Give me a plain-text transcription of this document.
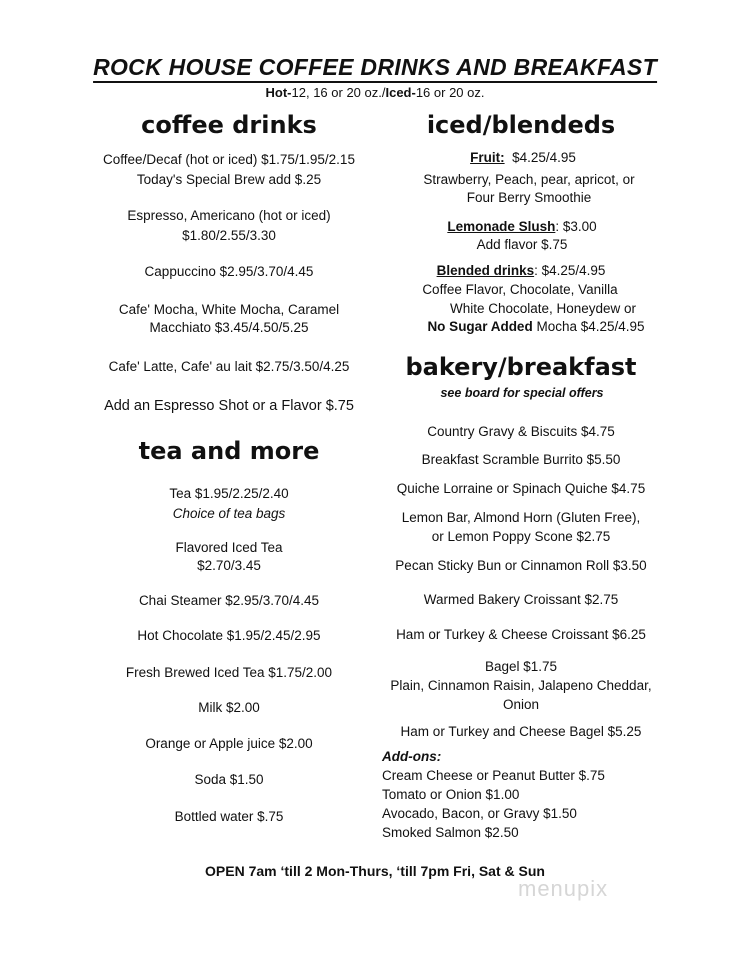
ROCK HOUSE COFFEE DRINKS AND BREAKFAST
Hot-12, 16 or 20 oz./Iced-16 or 20 oz.
coffee drinks
Coffee/Decaf (hot or iced) $1.75/1.95/2.15
Today's Special Brew add $.25
Espresso, Americano (hot or iced)
$1.80/2.55/3.30
Cappuccino $2.95/3.70/4.45
Cafe' Mocha, White Mocha, Caramel
Macchiato $3.45/4.50/5.25
Cafe' Latte, Cafe' au lait $2.75/3.50/4.25
Add an Espresso Shot or a Flavor $.75
tea and more
Tea $1.95/2.25/2.40
Choice of tea bags
Flavored Iced Tea
$2.70/3.45
Chai Steamer $2.95/3.70/4.45
Hot Chocolate $1.95/2.45/2.95
Fresh Brewed Iced Tea $1.75/2.00
Milk $2.00
Orange or Apple juice $2.00
Soda $1.50
Bottled water $.75
iced/blendeds
Fruit: $4.25/4.95
Strawberry, Peach, pear, apricot, or
Four Berry Smoothie
Lemonade Slush: $3.00
Add flavor $.75
Blended drinks: $4.25/4.95
Coffee Flavor, Chocolate, Vanilla
White Chocolate, Honeydew or
No Sugar Added Mocha $4.25/4.95
bakery/breakfast
see board for special offers
Country Gravy & Biscuits $4.75
Breakfast Scramble Burrito $5.50
Quiche Lorraine or Spinach Quiche $4.75
Lemon Bar, Almond Horn (Gluten Free),
or Lemon Poppy Scone $2.75
Pecan Sticky Bun or Cinnamon Roll $3.50
Warmed Bakery Croissant $2.75
Ham or Turkey & Cheese Croissant $6.25
Bagel $1.75
Plain, Cinnamon Raisin, Jalapeno Cheddar,
Onion
Ham or Turkey and Cheese Bagel $5.25
Add-ons:
Cream Cheese or Peanut Butter $.75
Tomato or Onion $1.00
Avocado, Bacon, or Gravy $1.50
Smoked Salmon $2.50
OPEN 7am ‘till 2 Mon-Thurs, ‘till 7pm Fri, Sat & Sun
menupix
